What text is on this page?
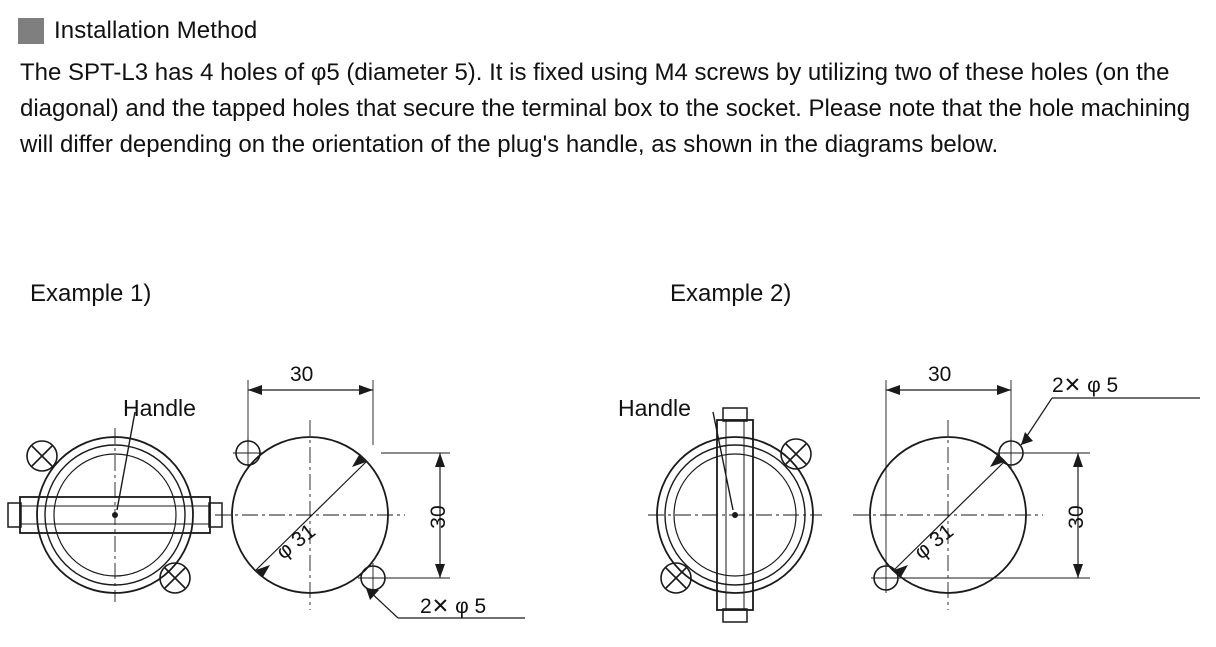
Installation Method
The SPT-L3 has 4 holes of φ5 (diameter 5). It is fixed using M4 screws by utilizing two of these holes (on the diagonal) and the tapped holes that secure the terminal box to the socket. Please note that the hole machining will differ depending on the orientation of the plug's handle, as shown in the diagrams below.
Example 1)	Example 2)
Handle
30
30
φ 31
2✕ φ 5
Handle
30
30
φ 31
2✕ φ 5
